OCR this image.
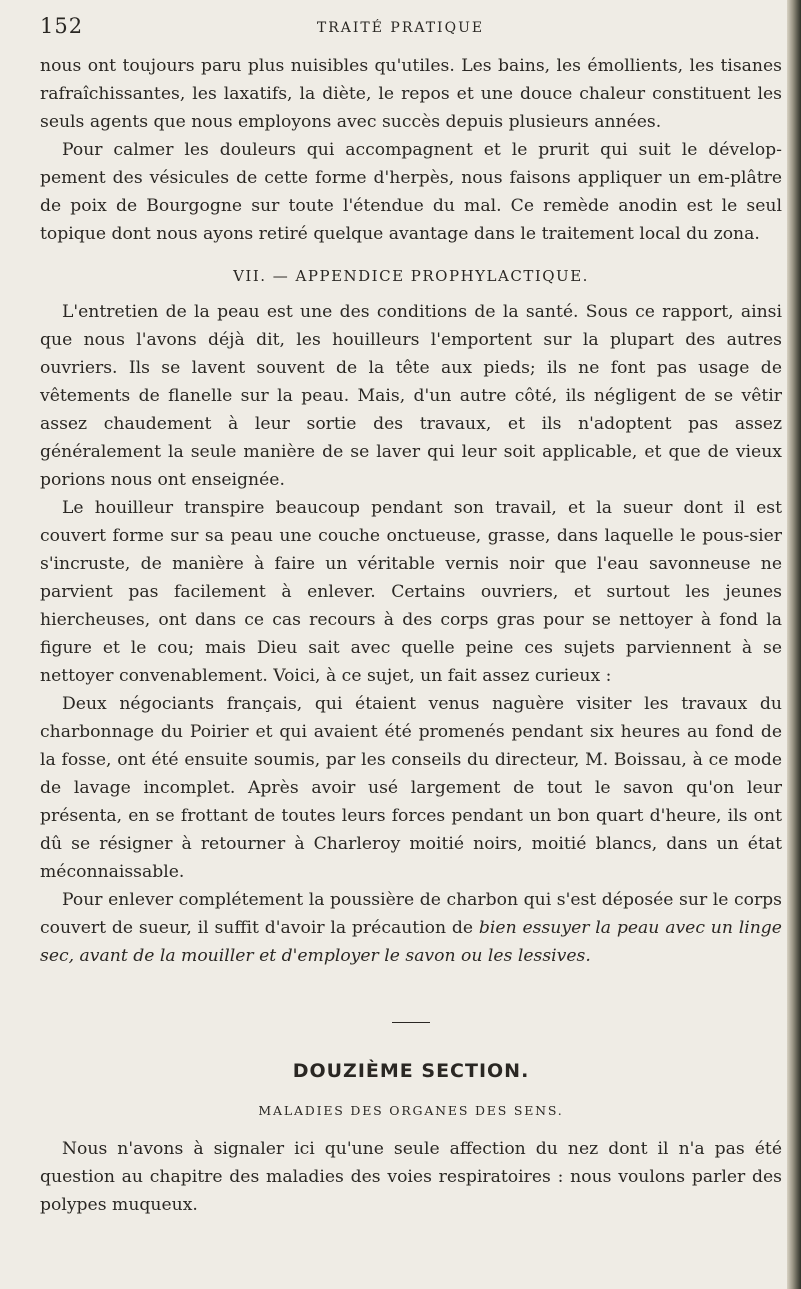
152	TRAITÉ PRATIQUE

nous ont toujours paru plus nuisibles qu'utiles. Les bains, les émollients, les tisanes rafraîchissantes, les laxatifs, la diète, le repos et une douce chaleur constituent les seuls agents que nous employons avec succès depuis plusieurs années.

Pour calmer les douleurs qui accompagnent et le prurit qui suit le dévelop-pement des vésicules de cette forme d'herpès, nous faisons appliquer un em-plâtre de poix de Bourgogne sur toute l'étendue du mal. Ce remède anodin est le seul topique dont nous ayons retiré quelque avantage dans le traitement local du zona.

VII. — APPENDICE PROPHYLACTIQUE.

L'entretien de la peau est une des conditions de la santé. Sous ce rapport, ainsi que nous l'avons déjà dit, les houilleurs l'emportent sur la plupart des autres ouvriers. Ils se lavent souvent de la tête aux pieds; ils ne font pas usage de vêtements de flanelle sur la peau. Mais, d'un autre côté, ils négligent de se vêtir assez chaudement à leur sortie des travaux, et ils n'adoptent pas assez généralement la seule manière de se laver qui leur soit applicable, et que de vieux porions nous ont enseignée.

Le houilleur transpire beaucoup pendant son travail, et la sueur dont il est couvert forme sur sa peau une couche onctueuse, grasse, dans laquelle le pous-sier s'incruste, de manière à faire un véritable vernis noir que l'eau savonneuse ne parvient pas facilement à enlever. Certains ouvriers, et surtout les jeunes hiercheuses, ont dans ce cas recours à des corps gras pour se nettoyer à fond la figure et le cou; mais Dieu sait avec quelle peine ces sujets parviennent à se nettoyer convenablement. Voici, à ce sujet, un fait assez curieux :

Deux négociants français, qui étaient venus naguère visiter les travaux du charbonnage du Poirier et qui avaient été promenés pendant six heures au fond de la fosse, ont été ensuite soumis, par les conseils du directeur, M. Boissau, à ce mode de lavage incomplet. Après avoir usé largement de tout le savon qu'on leur présenta, en se frottant de toutes leurs forces pendant un bon quart d'heure, ils ont dû se résigner à retourner à Charleroy moitié noirs, moitié blancs, dans un état méconnaissable.

Pour enlever complétement la poussière de charbon qui s'est déposée sur le corps couvert de sueur, il suffit d'avoir la précaution de bien essuyer la peau avec un linge sec, avant de la mouiller et d'employer le savon ou les lessives.

DOUZIÈME SECTION.
MALADIES DES ORGANES DES SENS.

Nous n'avons à signaler ici qu'une seule affection du nez dont il n'a pas été question au chapitre des maladies des voies respiratoires : nous voulons parler des polypes muqueux.
